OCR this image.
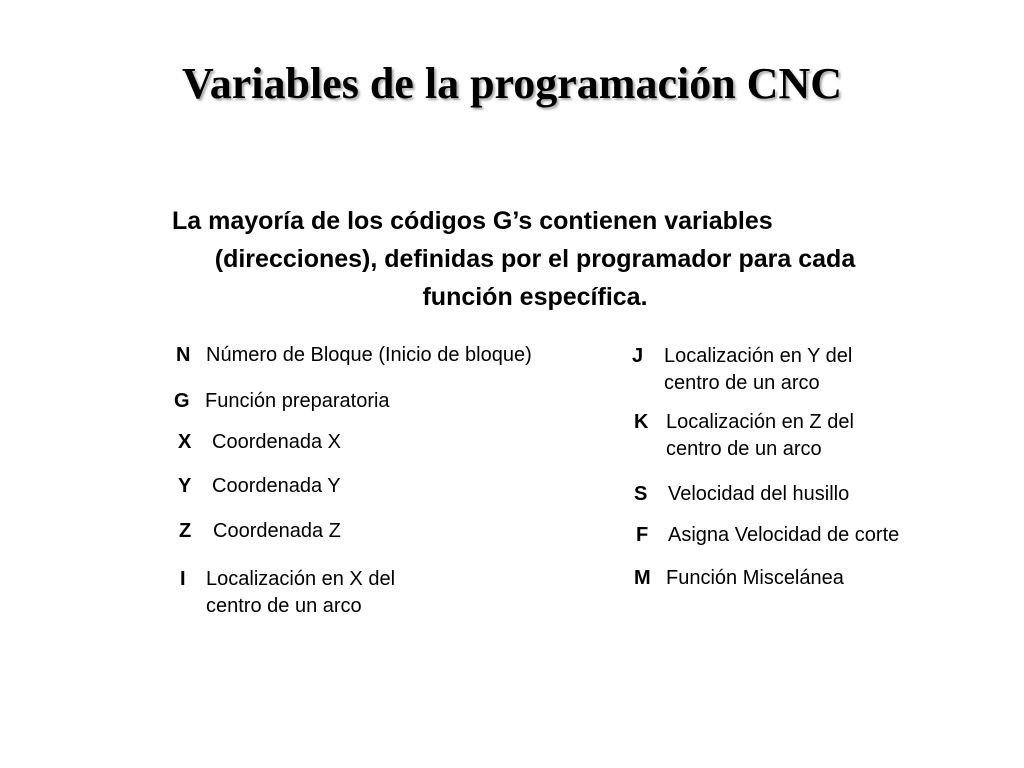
Variables de la programación CNC

La mayoría de los códigos G’s contienen variables
(direcciones), definidas por el programador para cada
función específica.

N Número de Bloque (Inicio de bloque)
G Función preparatoria
X Coordenada X
Y Coordenada Y
Z Coordenada Z
I Localización en X del
centro de un arco
J Localización en Y del
centro de un arco
K Localización en Z del
centro de un arco
S Velocidad del husillo
F Asigna Velocidad de corte
M Función Miscelánea
